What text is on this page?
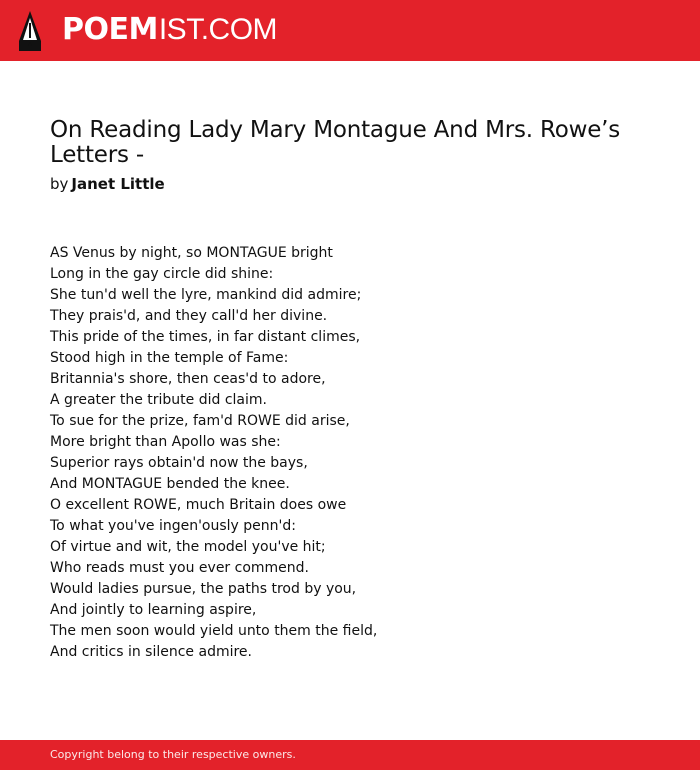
POEMIST.COM
On Reading Lady Mary Montague And Mrs. Rowe’s Letters -
by Janet Little
AS Venus by night, so MONTAGUE bright
Long in the gay circle did shine:
She tun'd well the lyre, mankind did admire;
They prais'd, and they call'd her divine.
This pride of the times, in far distant climes,
Stood high in the temple of Fame:
Britannia's shore, then ceas'd to adore,
A greater the tribute did claim.
To sue for the prize, fam'd ROWE did arise,
More bright than Apollo was she:
Superior rays obtain'd now the bays,
And MONTAGUE bended the knee.
O excellent ROWE, much Britain does owe
To what you've ingen'ously penn'd:
Of virtue and wit, the model you've hit;
Who reads must you ever commend.
Would ladies pursue, the paths trod by you,
And jointly to learning aspire,
The men soon would yield unto them the field,
And critics in silence admire.
Copyright belong to their respective owners.
